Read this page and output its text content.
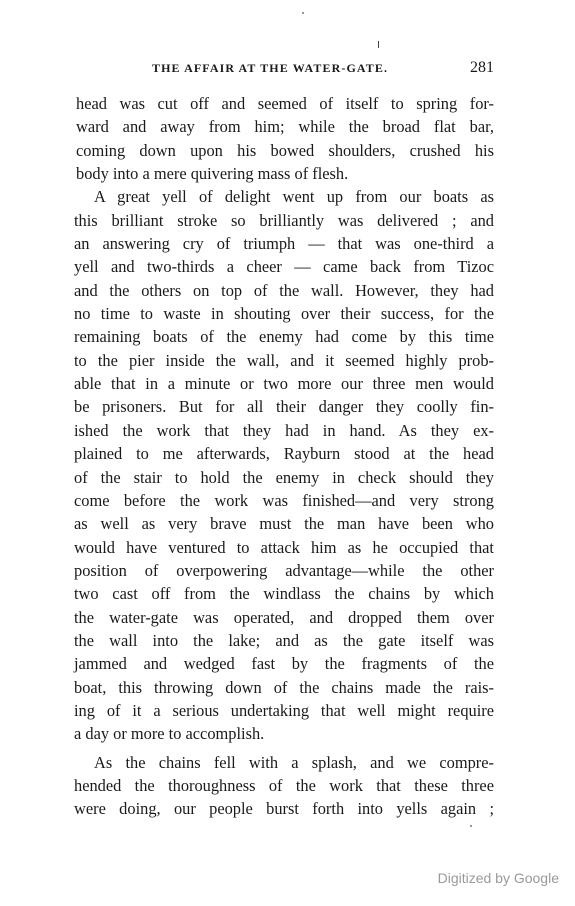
THE AFFAIR AT THE WATER-GATE.	281

head was cut off and seemed of itself to spring for-
ward and away from him; while the broad flat bar,
coming down upon his bowed shoulders, crushed his
body into a mere quivering mass of flesh.

A great yell of delight went up from our boats as
this brilliant stroke so brilliantly was delivered ; and
an answering cry of triumph — that was one-third a
yell and two-thirds a cheer — came back from Tizoc
and the others on top of the wall. However, they had
no time to waste in shouting over their success, for the
remaining boats of the enemy had come by this time
to the pier inside the wall, and it seemed highly prob-
able that in a minute or two more our three men would
be prisoners. But for all their danger they coolly fin-
ished the work that they had in hand. As they ex-
plained to me afterwards, Rayburn stood at the head
of the stair to hold the enemy in check should they
come before the work was finished—and very strong
as well as very brave must the man have been who
would have ventured to attack him as he occupied that
position of overpowering advantage—while the other
two cast off from the windlass the chains by which
the water-gate was operated, and dropped them over
the wall into the lake; and as the gate itself was
jammed and wedged fast by the fragments of the
boat, this throwing down of the chains made the rais-
ing of it a serious undertaking that well might require
a day or more to accomplish.

As the chains fell with a splash, and we compre-
hended the thoroughness of the work that these three
were doing, our people burst forth into yells again ;

Digitized by Google
